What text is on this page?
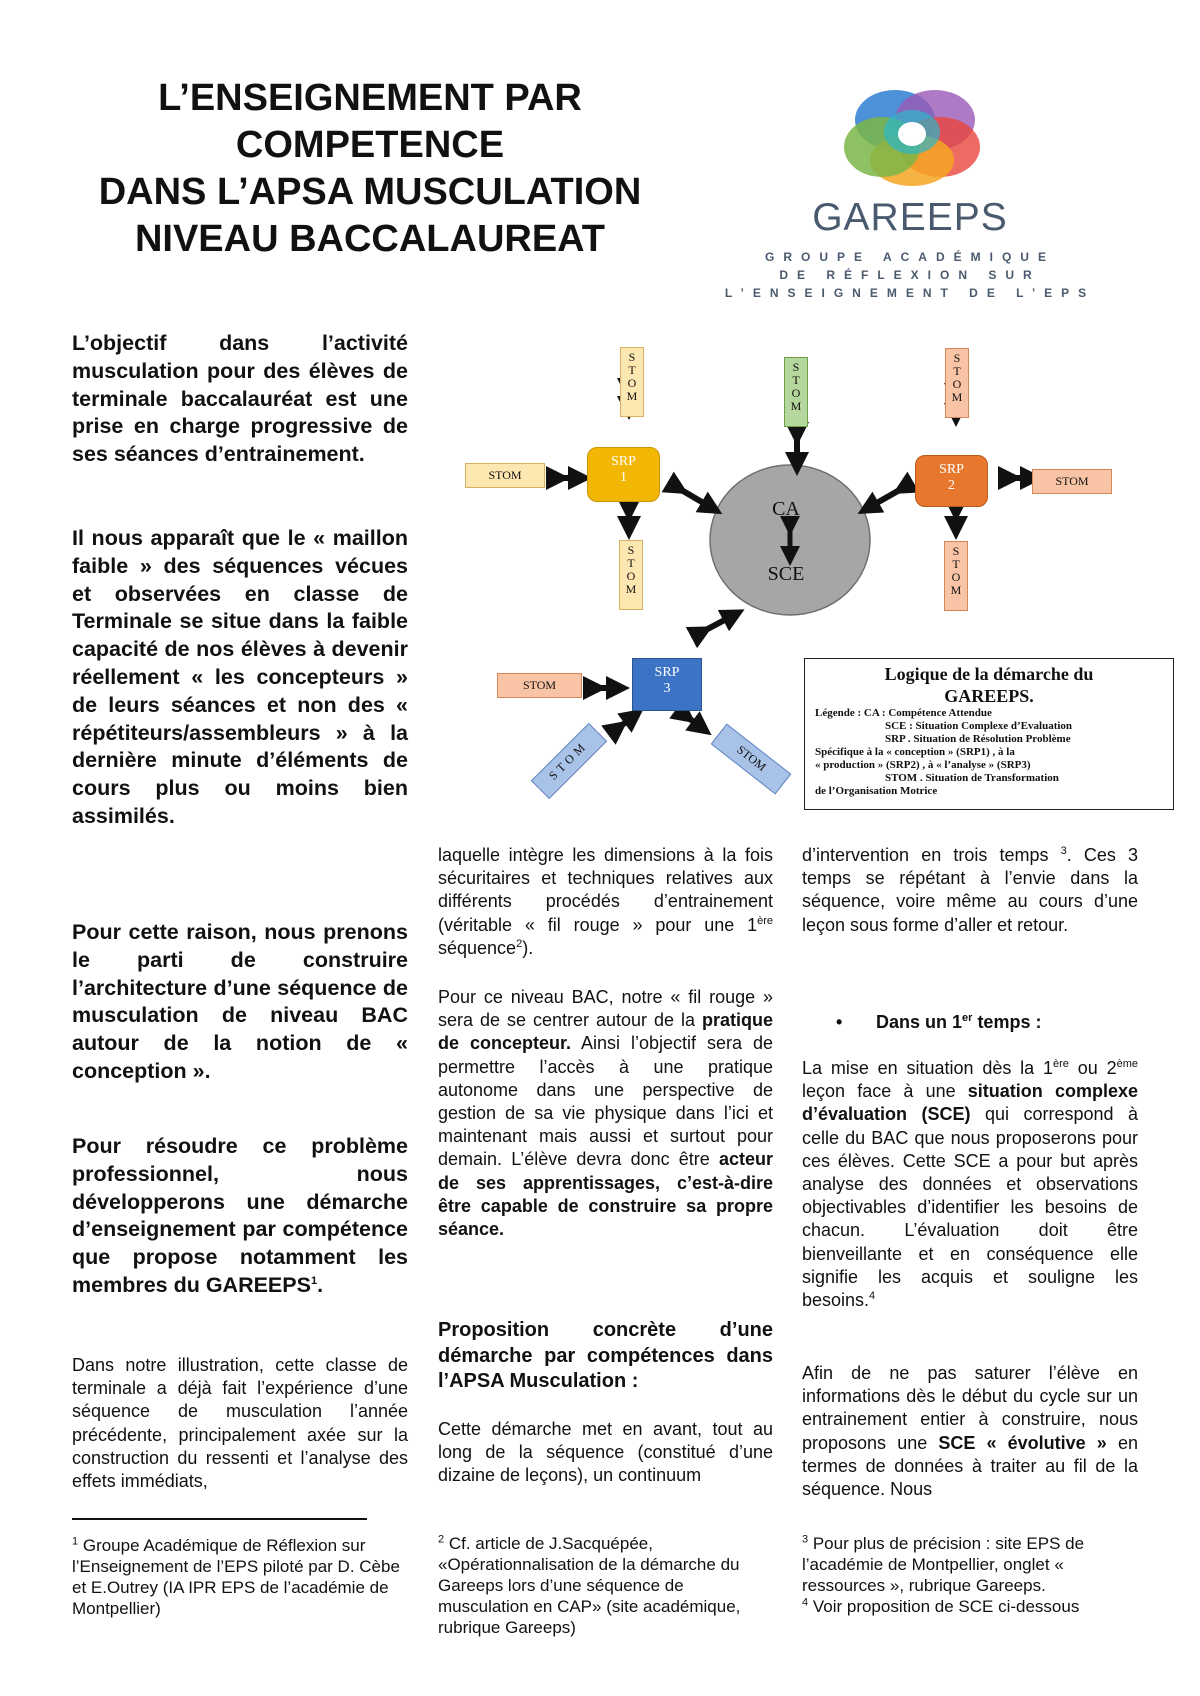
L’ENSEIGNEMENT PAR
COMPETENCE
DANS L’APSA MUSCULATION
NIVEAU BACCALAUREAT	GAREEPS
GROUPE ACADÉMIQUE
DE RÉFLEXION SUR
L’ENSEIGNEMENT DE L’EPS
SRP
1
SRP
2
SRP
3
CA
SCE
STOM	STOM
STOM
S
T
O
M
S
T
O
M
S
T
O
M
S
T
O
M
S
T
O
M
STOM	STOM
Logique de la démarche du
GAREEPS.
Légende : CA : Compétence Attendue
SCE : Situation Complexe d’Evaluation
SRP . Situation de Résolution Problème
Spécifique à la « conception » (SRP1) , à la
« production » (SRP2) , à « l’analyse » (SRP3)
STOM . Situation de Transformation
de l’Organisation Motrice
L’objectif dans l’activité musculation pour des élèves de terminale baccalauréat est une prise en charge progressive de ses séances d’entrainement.
Il nous apparaît que le « maillon faible » des séquences vécues et observées en classe de Terminale se situe dans la faible capacité de nos élèves à devenir réellement « les concepteurs » de leurs séances et non des « répétiteurs/assembleurs » à la dernière minute d’éléments de cours plus ou moins bien assimilés.
Pour cette raison, nous prenons le parti de construire l’architecture d’une séquence de musculation de niveau BAC autour de la notion de « conception ».
Pour résoudre ce problème professionnel, nous développerons une démarche d’enseignement par compétence que propose notamment les membres du GAREEPS$^1$.
Dans notre illustration, cette classe de terminale a déjà fait l’expérience d’une séquence de musculation l’année précédente, principalement axée sur la construction du ressenti et l’analyse des effets immédiats,
laquelle intègre les dimensions à la fois sécuritaires et techniques relatives aux différents procédés d’entrainement (véritable « fil rouge » pour une 1ère séquence$^2$).
Pour ce niveau BAC, notre « fil rouge » sera de se centrer autour de la pratique de concepteur. Ainsi l’objectif sera de permettre l’accès à une pratique autonome dans une perspective de gestion de sa vie physique dans l’ici et maintenant mais aussi et surtout pour demain. L’élève devra donc être acteur de ses apprentissages, c’est-à-dire être capable de construire sa propre séance.
Proposition concrète d’une démarche par compétences dans l’APSA Musculation :
Cette démarche met en avant, tout au long de la séquence (constitué d’une dizaine de leçons), un continuum
d’intervention en trois temps $^3$. Ces 3 temps se répétant à l’envie dans la séquence, voire même au cours d’une leçon sous forme d’aller et retour.
• Dans un 1er temps :
La mise en situation dès la 1ère ou 2ème leçon face à une situation complexe d’évaluation (SCE) qui correspond à celle du BAC que nous proposerons pour ces élèves. Cette SCE a pour but après analyse des données et observations objectivables d’identifier les besoins de chacun. L’évaluation doit être bienveillante et en conséquence elle signifie les acquis et souligne les besoins.$^4$
Afin de ne pas saturer l’élève en informations dès le début du cycle sur un entrainement entier à construire, nous proposons une SCE « évolutive » en termes de données à traiter au fil de la séquence. Nous
$^1$ Groupe Académique de Réflexion sur l’Enseignement de l’EPS piloté par D. Cèbe et E.Outrey (IA IPR EPS de l’académie de Montpellier)
$^2$ Cf. article de J.Sacquépée, «Opérationnalisation de la démarche du Gareeps lors d’une séquence de musculation en CAP» (site académique, rubrique Gareeps)
$^3$ Pour plus de précision : site EPS de l’académie de Montpellier, onglet « ressources », rubrique Gareeps.
$^4$ Voir proposition de SCE ci-dessous
